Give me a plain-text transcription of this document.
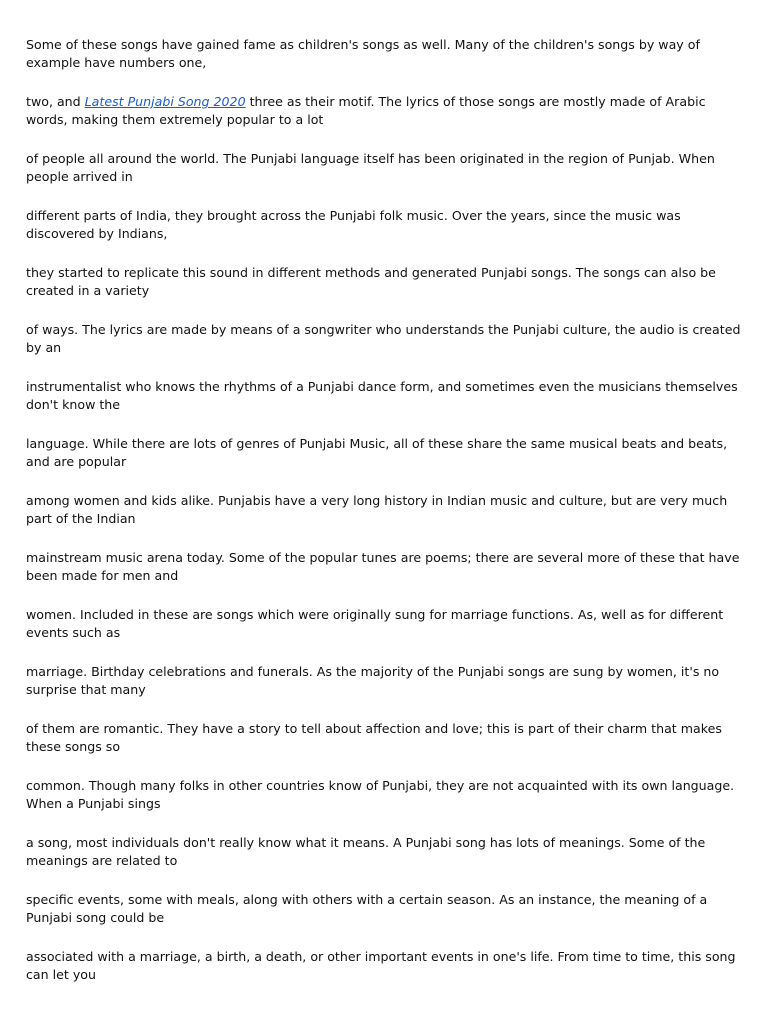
Some of these songs have gained fame as children's songs as well. Many of the children's songs by way of example have numbers one,

two, and Latest Punjabi Song 2020 three as their motif. The lyrics of those songs are mostly made of Arabic words, making them extremely popular to a lot

of people all around the world. The Punjabi language itself has been originated in the region of Punjab. When people arrived in

different parts of India, they brought across the Punjabi folk music. Over the years, since the music was discovered by Indians,

they started to replicate this sound in different methods and generated Punjabi songs. The songs can also be created in a variety

of ways. The lyrics are made by means of a songwriter who understands the Punjabi culture, the audio is created by an

instrumentalist who knows the rhythms of a Punjabi dance form, and sometimes even the musicians themselves don't know the

language. While there are lots of genres of Punjabi Music, all of these share the same musical beats and beats, and are popular

among women and kids alike. Punjabis have a very long history in Indian music and culture, but are very much part of the Indian

mainstream music arena today. Some of the popular tunes are poems; there are several more of these that have been made for men and

women. Included in these are songs which were originally sung for marriage functions. As, well as for different events such as

marriage. Birthday celebrations and funerals. As the majority of the Punjabi songs are sung by women, it's no surprise that many

of them are romantic. They have a story to tell about affection and love; this is part of their charm that makes these songs so

common. Though many folks in other countries know of Punjabi, they are not acquainted with its own language. When a Punjabi sings

a song, most individuals don't really know what it means. A Punjabi song has lots of meanings. Some of the meanings are related to

specific events, some with meals, along with others with a certain season. As an instance, the meaning of a Punjabi song could be

associated with a marriage, a birth, a death, or other important events in one's life. From time to time, this song can let you
